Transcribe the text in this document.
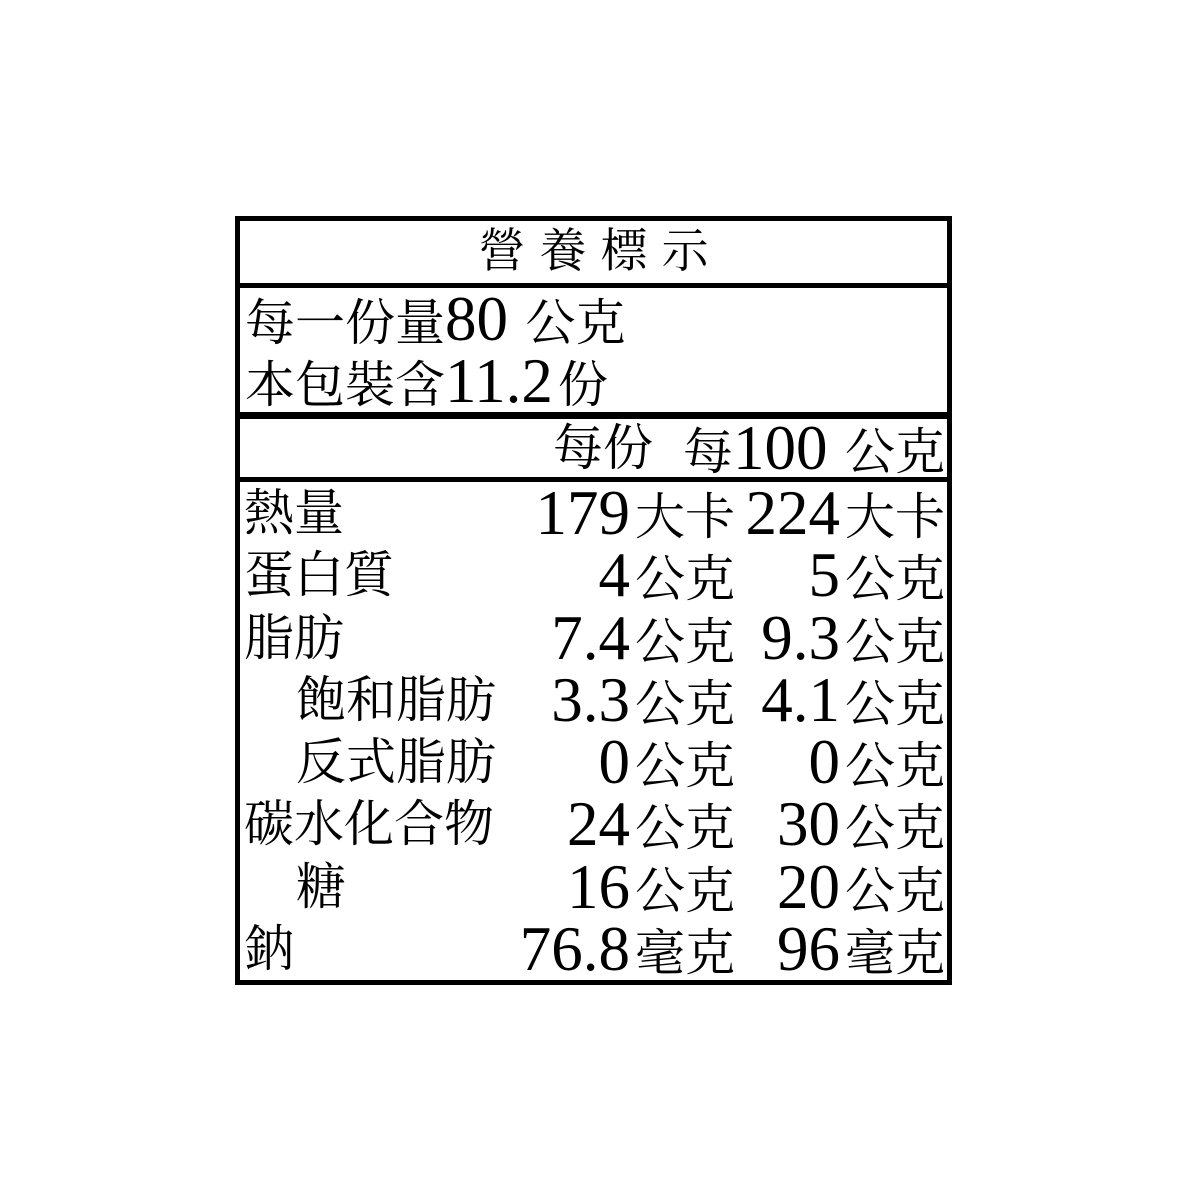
營養標示
每一份量80 公克
本包裝含11.2 份
每份 每100 公克
熱量	179 大卡 224 大卡
蛋白質	4 公克 5 公克
脂肪	7.4 公克 9.3 公克
飽和脂肪 3.3 公克 4.1 公克
反式脂肪 0 公克 0 公克
碳水化合物 24 公克 30 公克
糖	16 公克 20 公克
鈉	76.8 毫克 96 毫克
